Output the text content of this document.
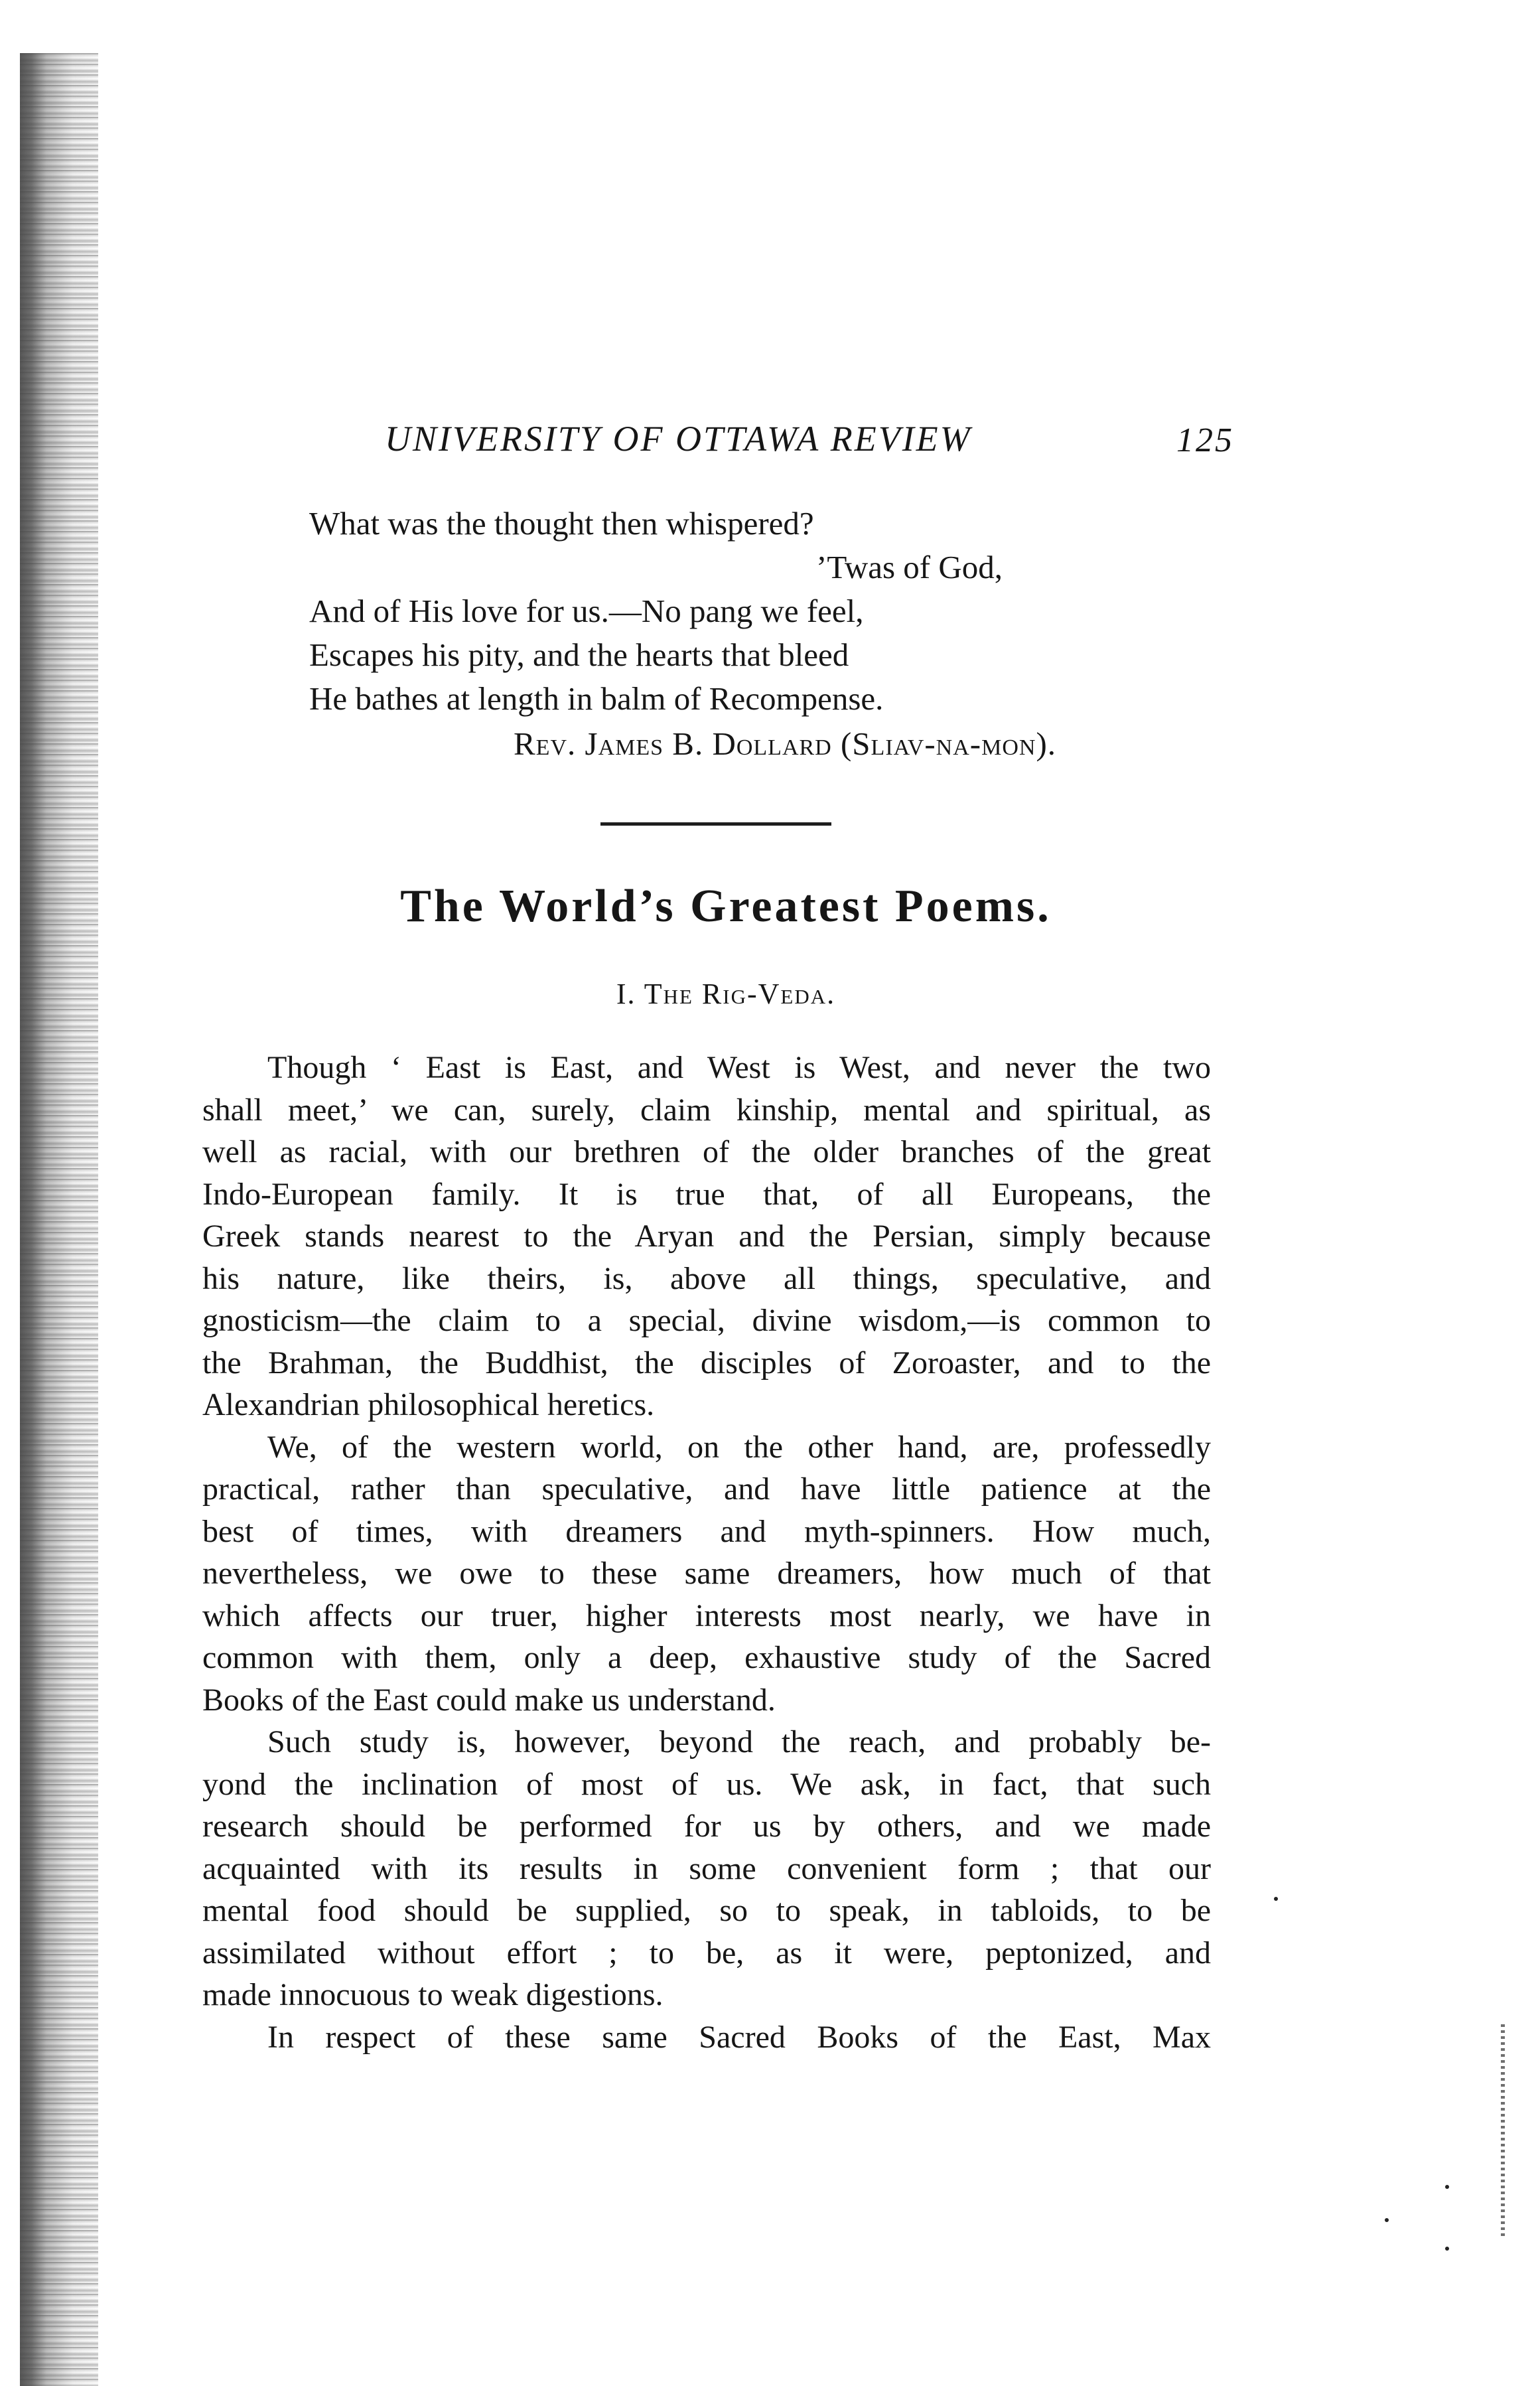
UNIVERSITY OF OTTAWA REVIEW	125
What was the thought then whispered?
’Twas of God,
And of His love for us.—No pang we feel,
Escapes his pity, and the hearts that bleed
He bathes at length in balm of Recompense.
Rev. James B. Dollard (Sliav-na-mon).
The World’s Greatest Poems.
I. The Rig-Veda.
Though ‘ East is East, and West is West, and never the two
shall meet,’ we can, surely, claim kinship, mental and spiritual, as
well as racial, with our brethren of the older branches of the great
Indo-European family. It is true that, of all Europeans, the
Greek stands nearest to the Aryan and the Persian, simply because
his nature, like theirs, is, above all things, speculative, and
gnosticism—the claim to a special, divine wisdom,—is common to
the Brahman, the Buddhist, the disciples of Zoroaster, and to the
Alexandrian philosophical heretics.
We, of the western world, on the other hand, are, professedly
practical, rather than speculative, and have little patience at the
best of times, with dreamers and myth-spinners. How much,
nevertheless, we owe to these same dreamers, how much of that
which affects our truer, higher interests most nearly, we have in
common with them, only a deep, exhaustive study of the Sacred
Books of the East could make us understand.
Such study is, however, beyond the reach, and probably be-
yond the inclination of most of us. We ask, in fact, that such
research should be performed for us by others, and we made
acquainted with its results in some convenient form ; that our
mental food should be supplied, so to speak, in tabloids, to be
assimilated without effort ; to be, as it were, peptonized, and
made innocuous to weak digestions.
In respect of these same Sacred Books of the East, Max
